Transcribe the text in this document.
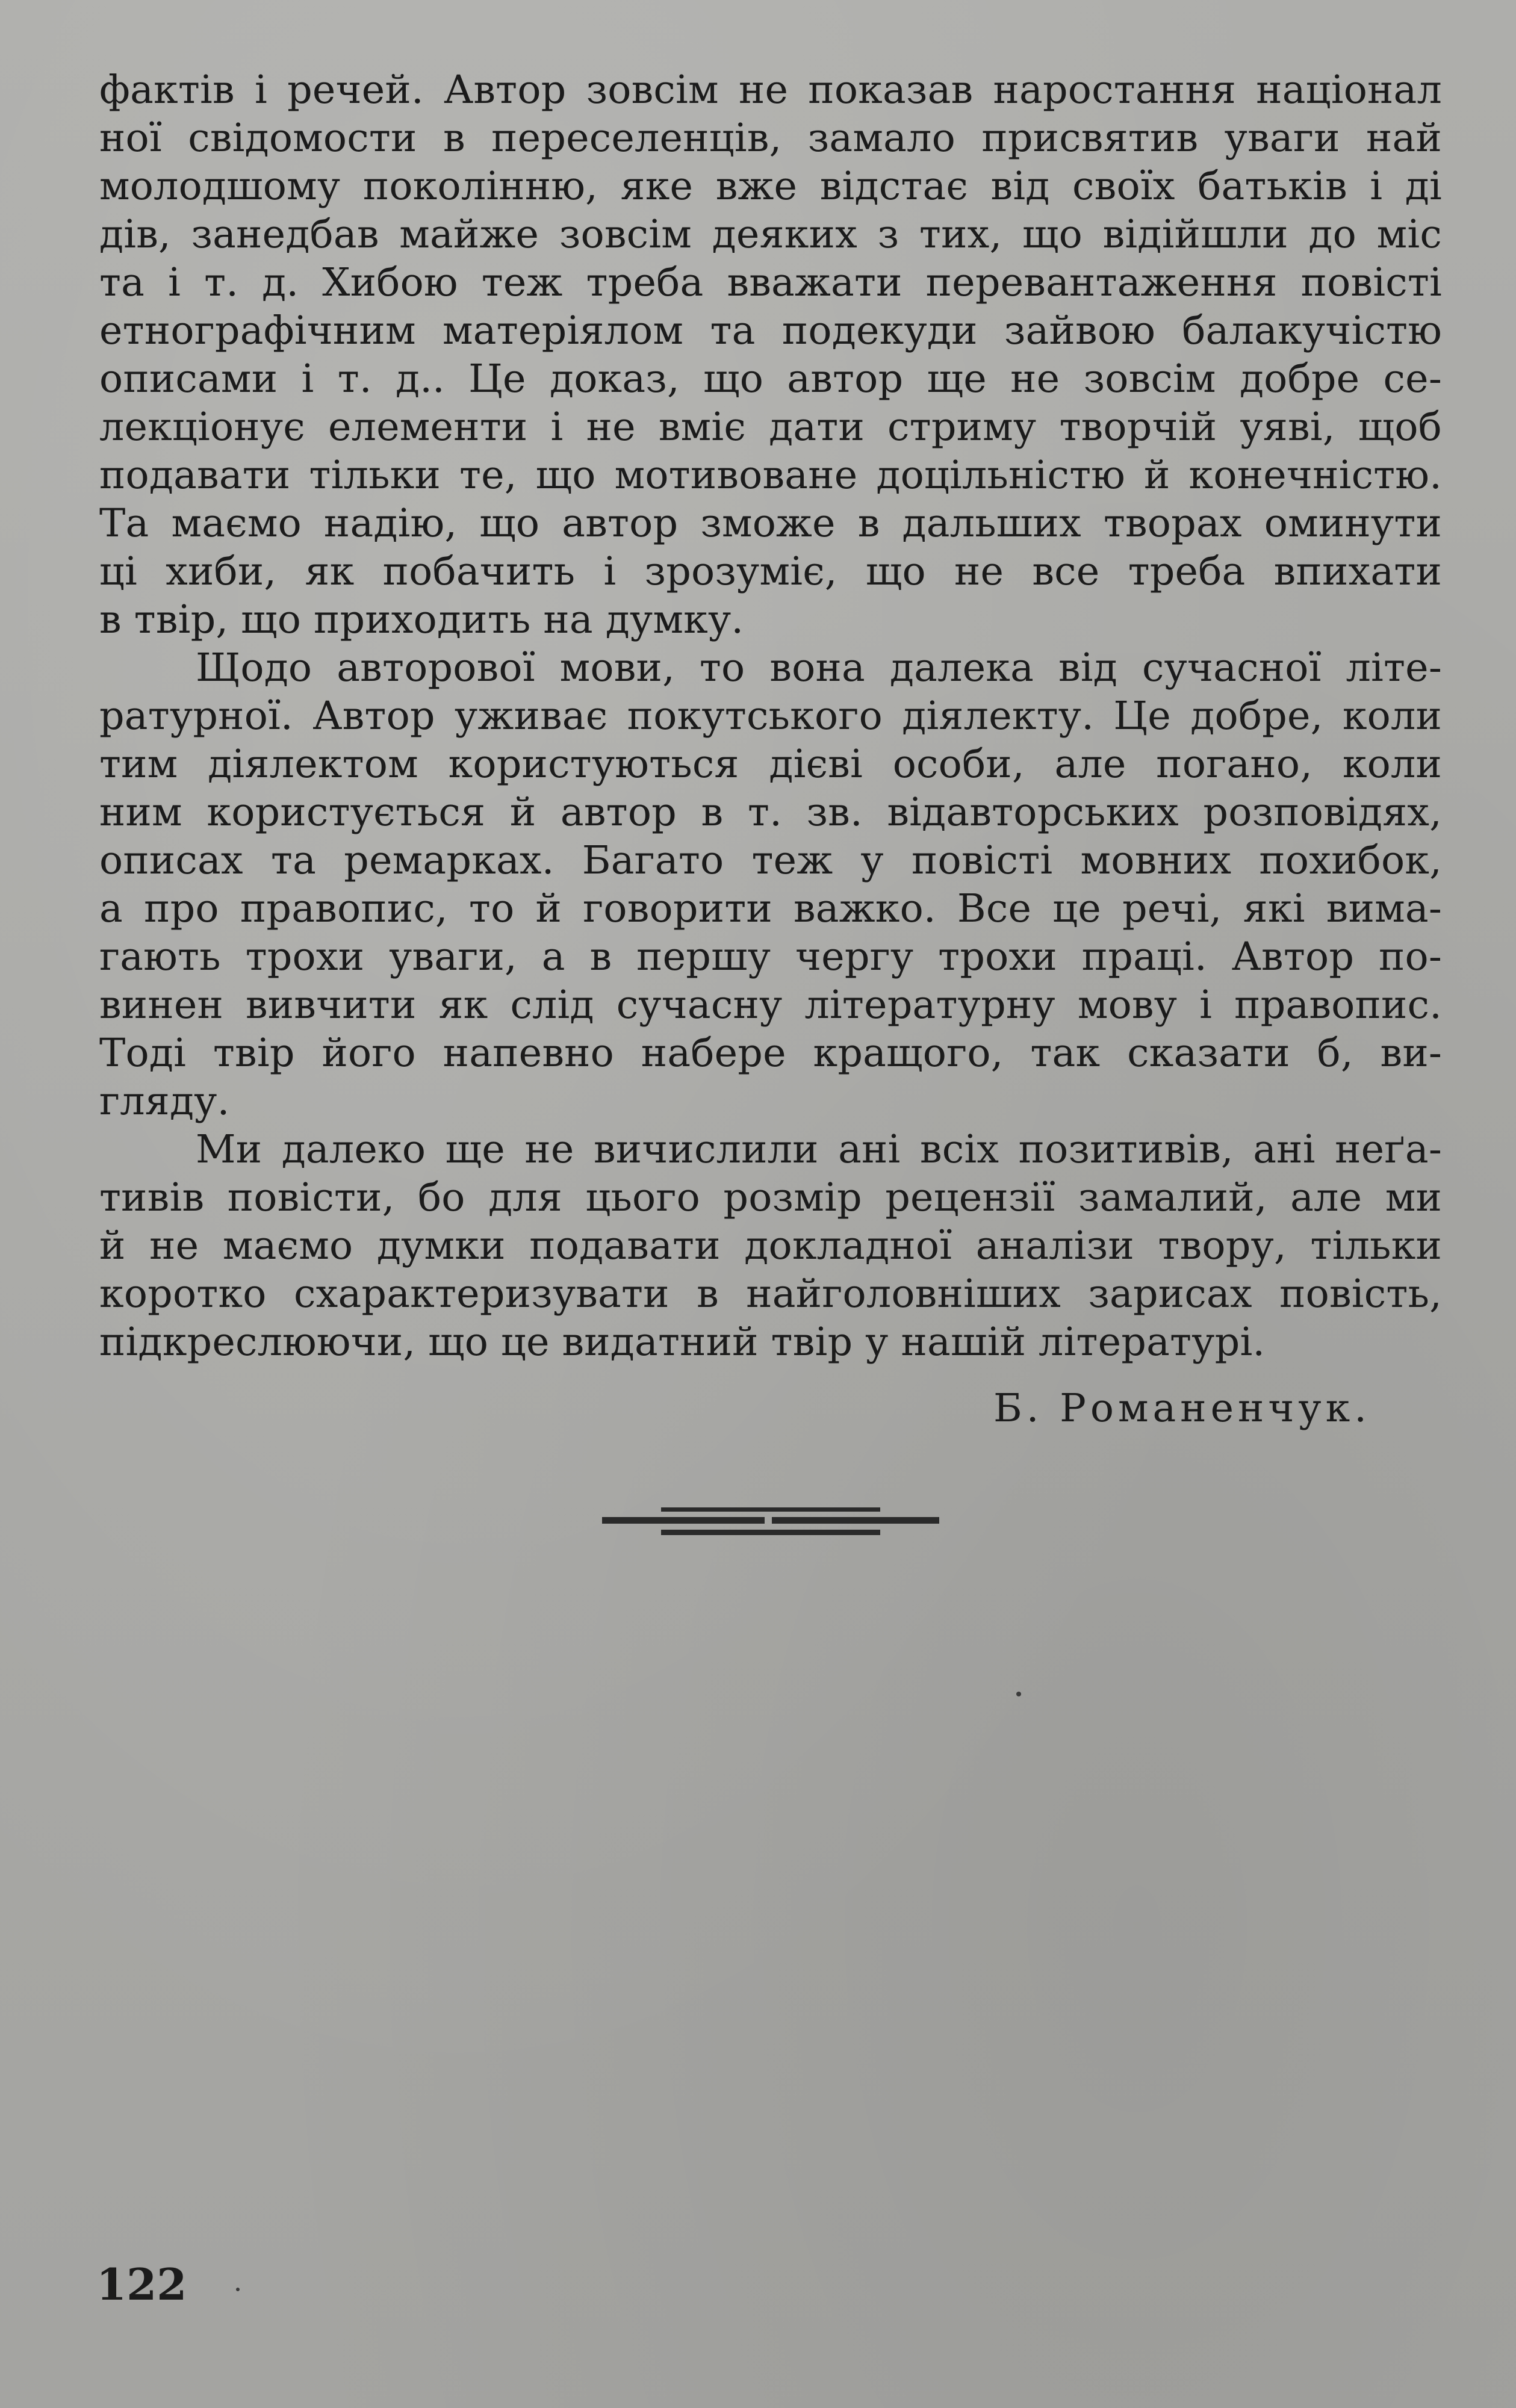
фактів і речей. Автор зовсім не показав наростання націонал
ної свідомости в переселенців, замало присвятив уваги най
молодшому поколінню, яке вже відстає від своїх батьків і ді
дів, занедбав майже зовсім деяких з тих, що відійшли до міс
та і т. д. Хибою теж треба вважати перевантаження повісті
етнографічним матеріялом та подекуди зайвою балакучістю
описами і т. д.. Це доказ, що автор ще не зовсім добре се-
лекціонує елементи і не вміє дати стриму творчій уяві, щоб
подавати тільки те, що мотивоване доцільністю й конечністю.
Та маємо надію, що автор зможе в дальших творах оминути
ці хиби, як побачить і зрозуміє, що не все треба впихати
в твір, що приходить на думку.
Щодо авторової мови, то вона далека від сучасної літе-
ратурної. Автор уживає покутського діялекту. Це добре, коли
тим діялектом користуються дієві особи, але погано, коли
ним користується й автор в т. зв. відавторських розповідях,
описах та ремарках. Багато теж у повісті мовних похибок,
а про правопис, то й говорити важко. Все це речі, які вима-
гають трохи уваги, а в першу чергу трохи праці. Автор по-
винен вивчити як слід сучасну літературну мову і правопис.
Тоді твір його напевно набере кращого, так сказати б, ви-
гляду.
Ми далеко ще не вичислили ані всіх позитивів, ані неґа-
тивів повісти, бо для цього розмір рецензії замалий, але ми
й не маємо думки подавати докладної аналізи твору, тільки
коротко схарактеризувати в найголовніших зарисах повість,
підкреслюючи, що це видатний твір у нашій літературі.
Б. Романенчук.
122
